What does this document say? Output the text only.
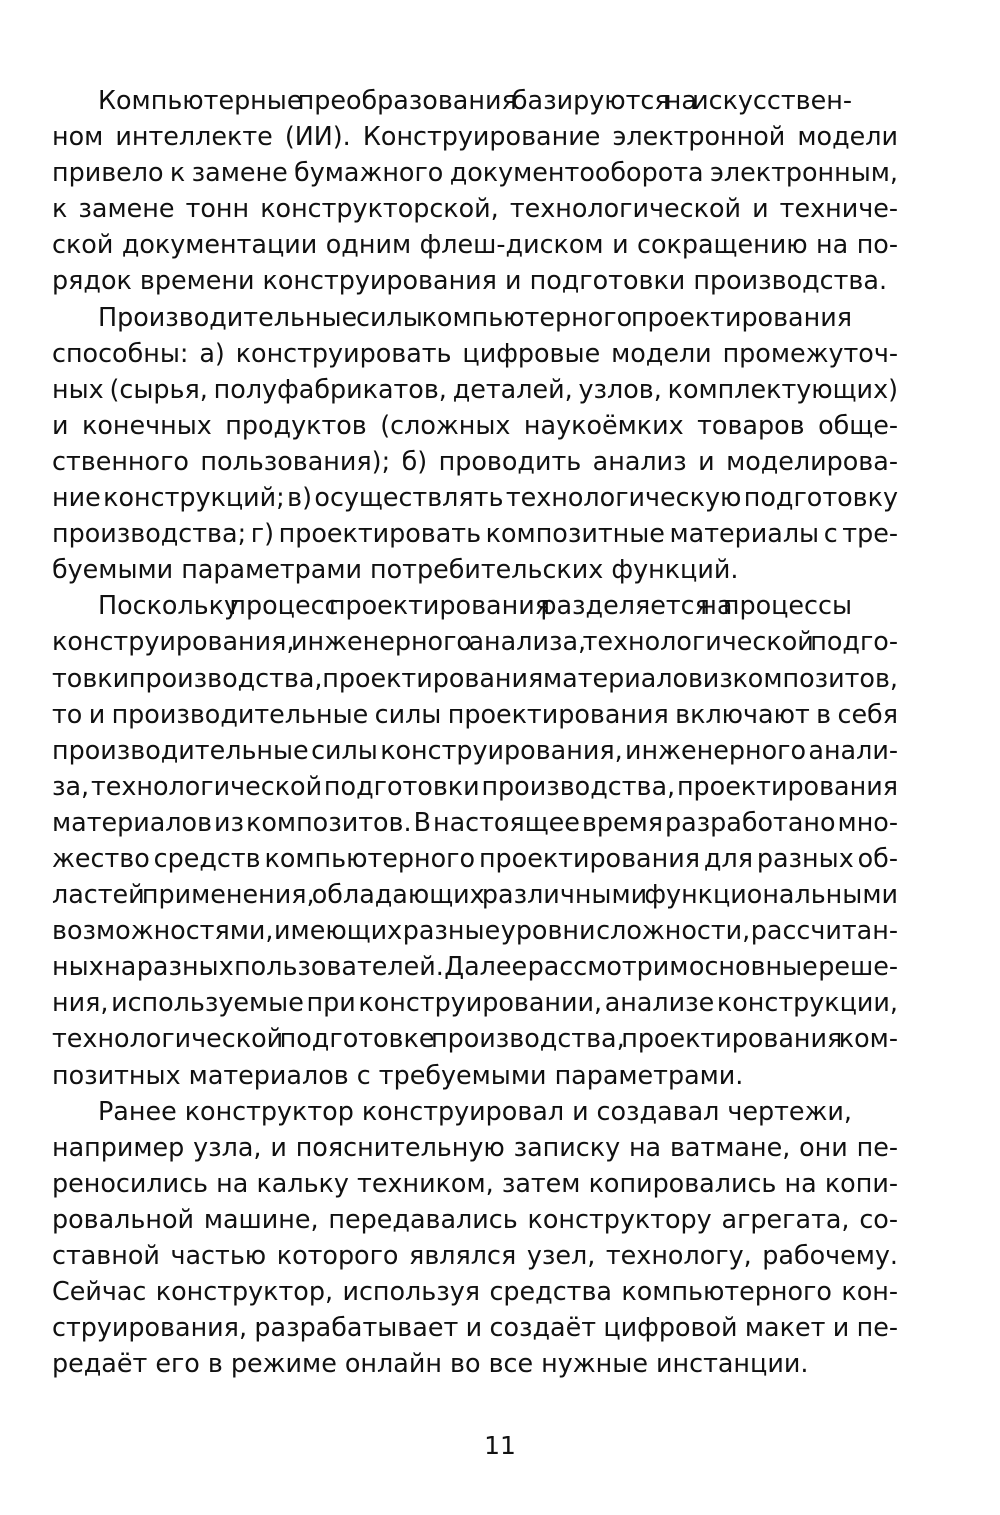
Компьютерные преобразования базируются на искусствен-
ном интеллекте (ИИ). Конструирование электронной модели
привело к замене бумажного документооборота электронным,
к замене тонн конструкторской, технологической и техниче-
ской документации одним флеш-диском и сокращению на по-
рядок времени конструирования и подготовки производства.

Производительные силы компьютерного проектирования
способны: а) конструировать цифровые модели промежуточ-
ных (сырья, полуфабрикатов, деталей, узлов, комплектующих)
и конечных продуктов (сложных наукоёмких товаров обще-
ственного пользования); б) проводить анализ и моделирова-
ние конструкций; в) осуществлять технологическую подготовку
производства; г) проектировать композитные материалы с тре-
буемыми параметрами потребительских функций.

Поскольку процесс проектирования разделяется на процессы
конструирования, инженерного анализа, технологической подго-
товки производства, проектирования материалов из композитов,
то и производительные силы проектирования включают в себя
производительные силы конструирования, инженерного анали-
за, технологической подготовки производства, проектирования
материалов из композитов. В настоящее время разработано мно-
жество средств компьютерного проектирования для разных об-
ластей применения, обладающих различными функциональными
возможностями, имеющих разные уровни сложности, рассчитан-
ных на разных пользователей. Далее рассмотрим основные реше-
ния, используемые при конструировании, анализе конструкции,
технологической подготовке производства, проектирования ком-
позитных материалов с требуемыми параметрами.

Ранее конструктор конструировал и создавал чертежи,
например узла, и пояснительную записку на ватмане, они пе-
реносились на кальку техником, затем копировались на копи-
ровальной машине, передавались конструктору агрегата, со-
ставной частью которого являлся узел, технологу, рабочему.
Сейчас конструктор, используя средства компьютерного кон-
струирования, разрабатывает и создаёт цифровой макет и пе-
редаёт его в режиме онлайн во все нужные инстанции.

11
